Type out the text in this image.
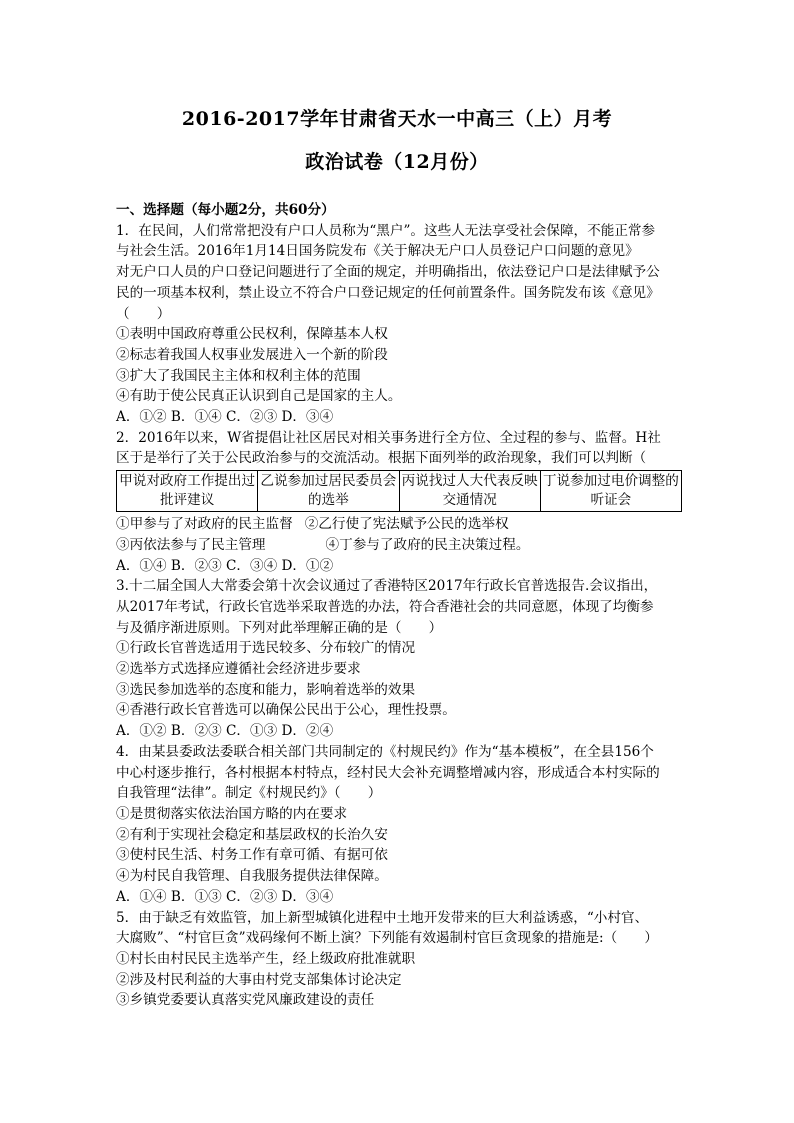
2016-2017学年甘肃省天水一中高三（上）月考
政治试卷（12月份）

一、选择题（每小题2分，共60分）

1．在民间，人们常常把没有户口人员称为“黑户”。这些人无法享受社会保障，不能正常参

与社会生活。2016年1月14日国务院发布《关于解决无户口人员登记户口问题的意见》

对无户口人员的户口登记问题进行了全面的规定，并明确指出，依法登记户口是法律赋予公

民的一项基本权利，禁止设立不符合户口登记规定的任何前置条件。国务院发布该《意见》

（　　）

①表明中国政府尊重公民权利，保障基本人权

②标志着我国人权事业发展进入一个新的阶段

③扩大了我国民主主体和权利主体的范围

④有助于使公民真正认识到自己是国家的主人。

A．①② B．①④ C．②③ D．③④

2．2016年以来，W省提倡让社区居民对相关事务进行全方位、全过程的参与、监督。H社

区于是举行了关于公民政治参与的交流活动。根据下面列举的政治现象，我们可以判断（

甲说对政府工作提出过批评建议	乙说参加过居民委员会的选举	丙说找过人大代表反映交通情况	丁说参加过电价调整的听证会

①甲参与了对政府的民主监督 ②乙行使了宪法赋予公民的选举权

③丙依法参与了民主管理	④丁参与了政府的民主决策过程。

A．①④ B．②③ C．③④ D．①②

3.十二届全国人大常委会第十次会议通过了香港特区2017年行政长官普选报告.会议指出，

从2017年考试，行政长官选举采取普选的办法，符合香港社会的共同意愿，体现了均衡参

与及循序渐进原则。下列对此举理解正确的是（　　）

①行政长官普选适用于选民较多、分布较广的情况

②选举方式选择应遵循社会经济进步要求

③选民参加选举的态度和能力，影响着选举的效果

④香港行政长官普选可以确保公民出于公心，理性投票。

A．①② B．②③ C．①③ D．②④

4．由某县委政法委联合相关部门共同制定的《村规民约》作为“基本模板”，在全县156个

中心村逐步推行，各村根据本村特点，经村民大会补充调整增减内容，形成适合本村实际的

自我管理“法律”。制定《村规民约》（　　）

①是贯彻落实依法治国方略的内在要求

②有利于实现社会稳定和基层政权的长治久安

③使村民生活、村务工作有章可循、有据可依

④为村民自我管理、自我服务提供法律保障。

A．①④ B．①③ C．②③ D．③④

5．由于缺乏有效监管，加上新型城镇化进程中土地开发带来的巨大利益诱惑，“小村官、

大腐败”、“村官巨贪”戏码缘何不断上演？下列能有效遏制村官巨贪现象的措施是:（　　）

①村长由村民民主选举产生，经上级政府批准就职

②涉及村民利益的大事由村党支部集体讨论决定

③乡镇党委要认真落实党风廉政建设的责任
